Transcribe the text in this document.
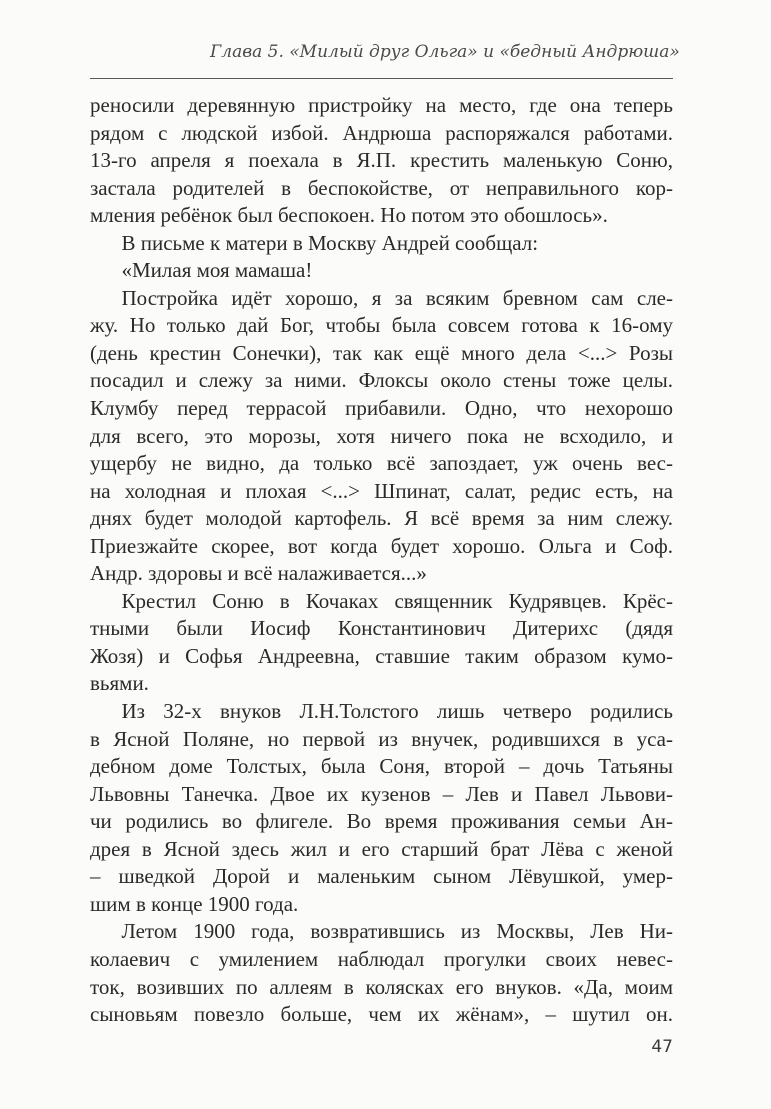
Глава 5. «Милый друг Ольга» и «бедный Андрюша»

реносили деревянную пристройку на место, где она теперь

рядом с людской избой. Андрюша распоряжался работами.

13-го апреля я поехала в Я.П. крестить маленькую Соню,

застала родителей в беспокойстве, от неправильного кор-

мления ребёнок был беспокоен. Но потом это обошлось».

В письме к матери в Москву Андрей сообщал:

«Милая моя мамаша!

Постройка идёт хорошо, я за всяким бревном сам сле-

жу. Но только дай Бог, чтобы была совсем готова к 16-ому

(день крестин Сонечки), так как ещё много дела <...> Розы

посадил и слежу за ними. Флоксы около стены тоже целы.

Клумбу перед террасой прибавили. Одно, что нехорошо

для всего, это морозы, хотя ничего пока не всходило, и

ущербу не видно, да только всё запоздает, уж очень вес-

на холодная и плохая <...> Шпинат, салат, редис есть, на

днях будет молодой картофель. Я всё время за ним слежу.

Приезжайте скорее, вот когда будет хорошо. Ольга и Соф.

Андр. здоровы и всё налаживается...»

Крестил Соню в Кочаках священник Кудрявцев. Крёс-

тными были Иосиф Константинович Дитерихс (дядя

Жозя) и Софья Андреевна, ставшие таким образом кумо-

вьями.

Из 32-х внуков Л.Н.Толстого лишь четверо родились

в Ясной Поляне, но первой из внучек, родившихся в уса-

дебном доме Толстых, была Соня, второй – дочь Татьяны

Львовны Танечка. Двое их кузенов – Лев и Павел Львови-

чи родились во флигеле. Во время проживания семьи Ан-

дрея в Ясной здесь жил и его старший брат Лёва с женой

– шведкой Дорой и маленьким сыном Лёвушкой, умер-

шим в конце 1900 года.

Летом 1900 года, возвратившись из Москвы, Лев Ни-

колаевич с умилением наблюдал прогулки своих невес-

ток, возивших по аллеям в колясках его внуков. «Да, моим

сыновьям повезло больше, чем их жёнам», – шутил он.

47
